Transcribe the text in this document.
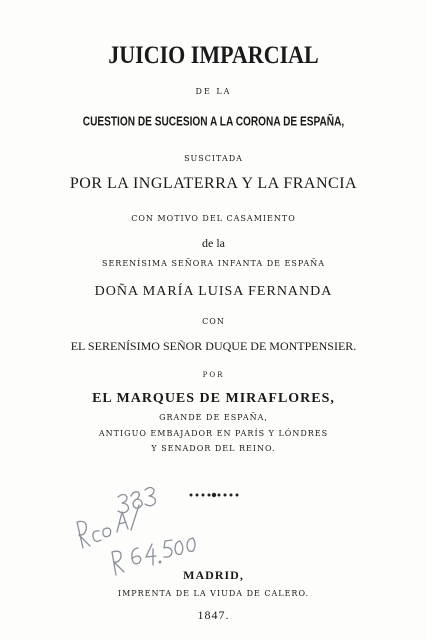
JUICIO IMPARCIAL
DE LA
CUESTION DE SUCESION A LA CORONA DE ESPAÑA,
SUSCITADA
POR LA INGLATERRA Y LA FRANCIA
CON MOTIVO DEL CASAMIENTO
de la
SERENÍSIMA SEÑORA INFANTA DE ESPAÑA
DOÑA MARÍA LUISA FERNANDA
CON
EL SERENÍSIMO SEÑOR DUQUE DE MONTPENSIER.
POR
EL MARQUES DE MIRAFLORES,
GRANDE DE ESPAÑA,
ANTIGUO EMBAJADOR EN PARÍS Y LÓNDRES
Y SENADOR DEL REINO.
MADRID,
IMPRENTA DE LA VIUDA DE CALERO.
1847.
